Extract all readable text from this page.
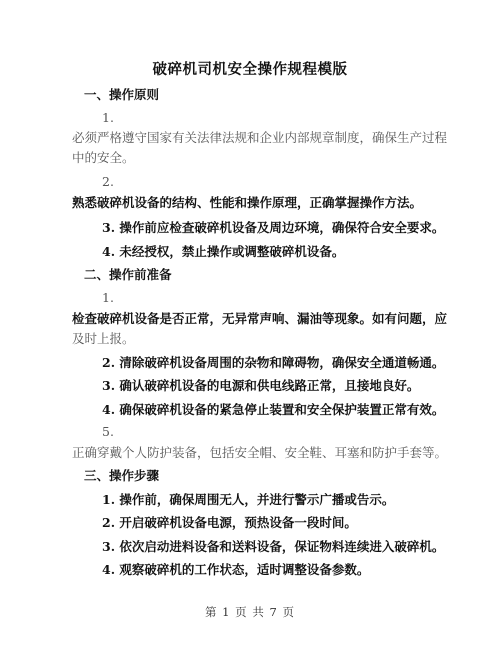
破碎机司机安全操作规程模版
一、操作原则
1.
必须严格遵守国家有关法律法规和企业内部规章制度，确保生产过程
中的安全。
2.
熟悉破碎机设备的结构、性能和操作原理，正确掌握操作方法。
3. 操作前应检查破碎机设备及周边环境，确保符合安全要求。
4. 未经授权，禁止操作或调整破碎机设备。
二、操作前准备
1.
检查破碎机设备是否正常，无异常声响、漏油等现象。如有问题，应
及时上报。
2. 清除破碎机设备周围的杂物和障碍物，确保安全通道畅通。
3. 确认破碎机设备的电源和供电线路正常，且接地良好。
4. 确保破碎机设备的紧急停止装置和安全保护装置正常有效。
5.
正确穿戴个人防护装备，包括安全帽、安全鞋、耳塞和防护手套等。
三、操作步骤
1. 操作前，确保周围无人，并进行警示广播或告示。
2. 开启破碎机设备电源，预热设备一段时间。
3. 依次启动进料设备和送料设备，保证物料连续进入破碎机。
4. 观察破碎机的工作状态，适时调整设备参数。
第 1 页 共 7 页
